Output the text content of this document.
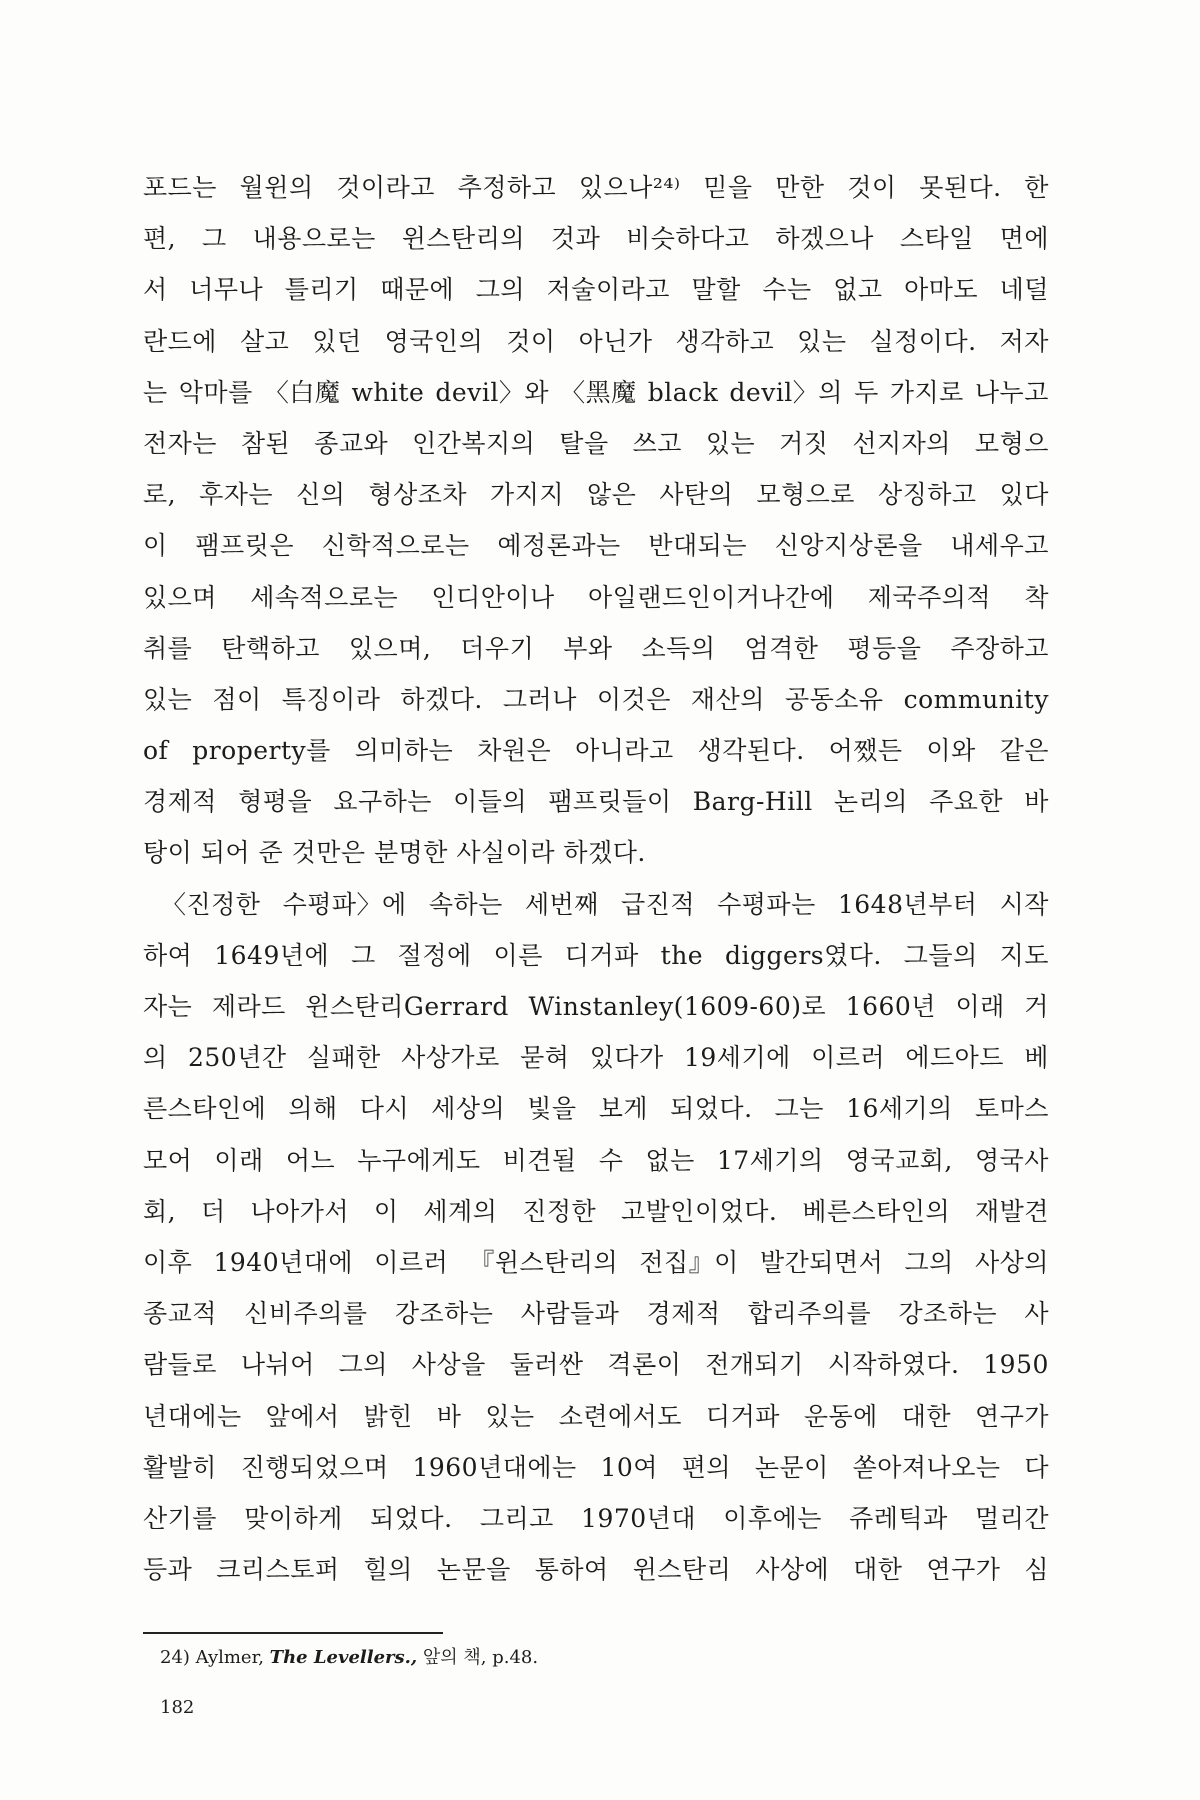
포드는 월윈의 것이라고 추정하고 있으나²⁴⁾ 믿을 만한 것이 못된다. 한
편, 그 내용으로는 윈스탄리의 것과 비슷하다고 하겠으나 스타일 면에
서 너무나 틀리기 때문에 그의 저술이라고 말할 수는 없고 아마도 네덜
란드에 살고 있던 영국인의 것이 아닌가 생각하고 있는 실정이다. 저자
는 악마를 〈白魔 white devil〉와 〈黑魔 black devil〉의 두 가지로 나누고
전자는 참된 종교와 인간복지의 탈을 쓰고 있는 거짓 선지자의 모형으
로, 후자는 신의 형상조차 가지지 않은 사탄의 모형으로 상징하고 있다
이 팸프릿은 신학적으로는 예정론과는 반대되는 신앙지상론을 내세우고
있으며 세속적으로는 인디안이나 아일랜드인이거나간에 제국주의적 착
취를 탄핵하고 있으며, 더우기 부와 소득의 엄격한 평등을 주장하고
있는 점이 특징이라 하겠다. 그러나 이것은 재산의 공동소유 community
of property를 의미하는 차원은 아니라고 생각된다. 어쨌든 이와 같은
경제적 형평을 요구하는 이들의 팸프릿들이 Barg-Hill 논리의 주요한 바
탕이 되어 준 것만은 분명한 사실이라 하겠다.
〈진정한 수평파〉에 속하는 세번째 급진적 수평파는 1648년부터 시작
하여 1649년에 그 절정에 이른 디거파 the diggers였다. 그들의 지도
자는 제라드 윈스탄리Gerrard Winstanley(1609-60)로 1660년 이래 거
의 250년간 실패한 사상가로 묻혀 있다가 19세기에 이르러 에드아드 베
른스타인에 의해 다시 세상의 빛을 보게 되었다. 그는 16세기의 토마스
모어 이래 어느 누구에게도 비견될 수 없는 17세기의 영국교회, 영국사
회, 더 나아가서 이 세계의 진정한 고발인이었다. 베른스타인의 재발견
이후 1940년대에 이르러 『윈스탄리의 전집』이 발간되면서 그의 사상의
종교적 신비주의를 강조하는 사람들과 경제적 합리주의를 강조하는 사
람들로 나뉘어 그의 사상을 둘러싼 격론이 전개되기 시작하였다. 1950
년대에는 앞에서 밝힌 바 있는 소련에서도 디거파 운동에 대한 연구가
활발히 진행되었으며 1960년대에는 10여 편의 논문이 쏟아져나오는 다
산기를 맞이하게 되었다. 그리고 1970년대 이후에는 쥬레틱과 멀리간
등과 크리스토퍼 힐의 논문을 통하여 윈스탄리 사상에 대한 연구가 심
24) Aylmer, The Levellers., 앞의 책, p.48.
182
